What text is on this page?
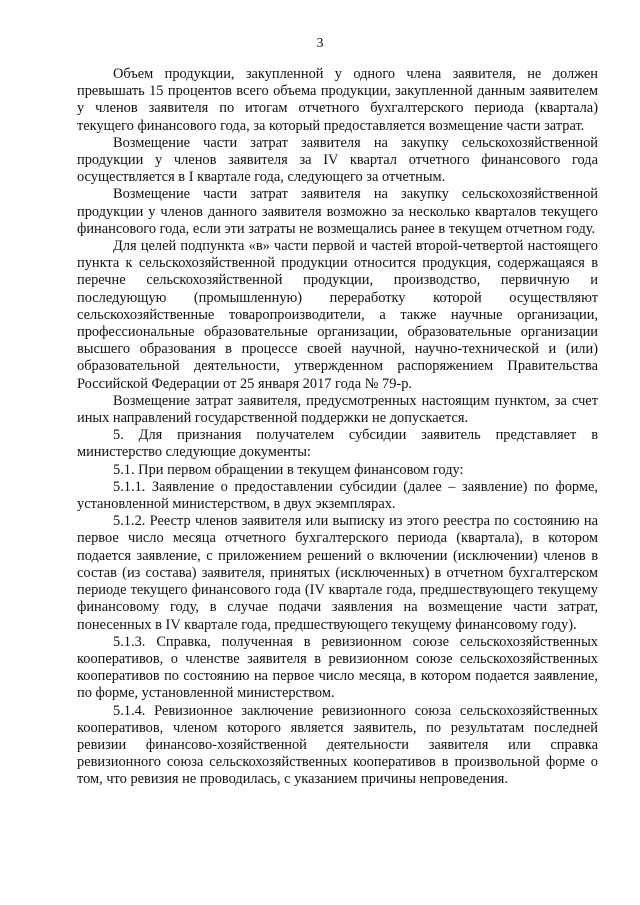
3

Объем продукции, закупленной у одного члена заявителя, не должен превышать 15 процентов всего объема продукции, закупленной данным заявителем у членов заявителя по итогам отчетного бухгалтерского периода (квартала) текущего финансового года, за который предоставляется возмещение части затрат.

Возмещение части затрат заявителя на закупку сельскохозяйственной продукции у членов заявителя за IV квартал отчетного финансового года осуществляется в I квартале года, следующего за отчетным.

Возмещение части затрат заявителя на закупку сельскохозяйственной продукции у членов данного заявителя возможно за несколько кварталов текущего финансового года, если эти затраты не возмещались ранее в текущем отчетном году.

Для целей подпункта «в» части первой и частей второй-четвертой настоящего пункта к сельскохозяйственной продукции относится продукция, содержащаяся в перечне сельскохозяйственной продукции, производство, первичную и последующую (промышленную) переработку которой осуществляют сельскохозяйственные товаропроизводители, а также научные организации, профессиональные образовательные организации, образовательные организации высшего образования в процессе своей научной, научно-технической и (или) образовательной деятельности, утвержденном распоряжением Правительства Российской Федерации от 25 января 2017 года № 79-р.

Возмещение затрат заявителя, предусмотренных настоящим пунктом, за счет иных направлений государственной поддержки не допускается.

5. Для признания получателем субсидии заявитель представляет в министерство следующие документы:

5.1. При первом обращении в текущем финансовом году:

5.1.1. Заявление о предоставлении субсидии (далее – заявление) по форме, установленной министерством, в двух экземплярах.

5.1.2. Реестр членов заявителя или выписку из этого реестра по состоянию на первое число месяца отчетного бухгалтерского периода (квартала), в котором подается заявление, с приложением решений о включении (исключении) членов в состав (из состава) заявителя, принятых (исключенных) в отчетном бухгалтерском периоде текущего финансового года (IV квартале года, предшествующего текущему финансовому году, в случае подачи заявления на возмещение части затрат, понесенных в IV квартале года, предшествующего текущему финансовому году).

5.1.3. Справка, полученная в ревизионном союзе сельскохозяйственных кооперативов, о членстве заявителя в ревизионном союзе сельскохозяйственных кооперативов по состоянию на первое число месяца, в котором подается заявление, по форме, установленной министерством.

5.1.4. Ревизионное заключение ревизионного союза сельскохозяйственных кооперативов, членом которого является заявитель, по результатам последней ревизии финансово-хозяйственной деятельности заявителя или справка ревизионного союза сельскохозяйственных кооперативов в произвольной форме о том, что ревизия не проводилась, с указанием причины непроведения.
